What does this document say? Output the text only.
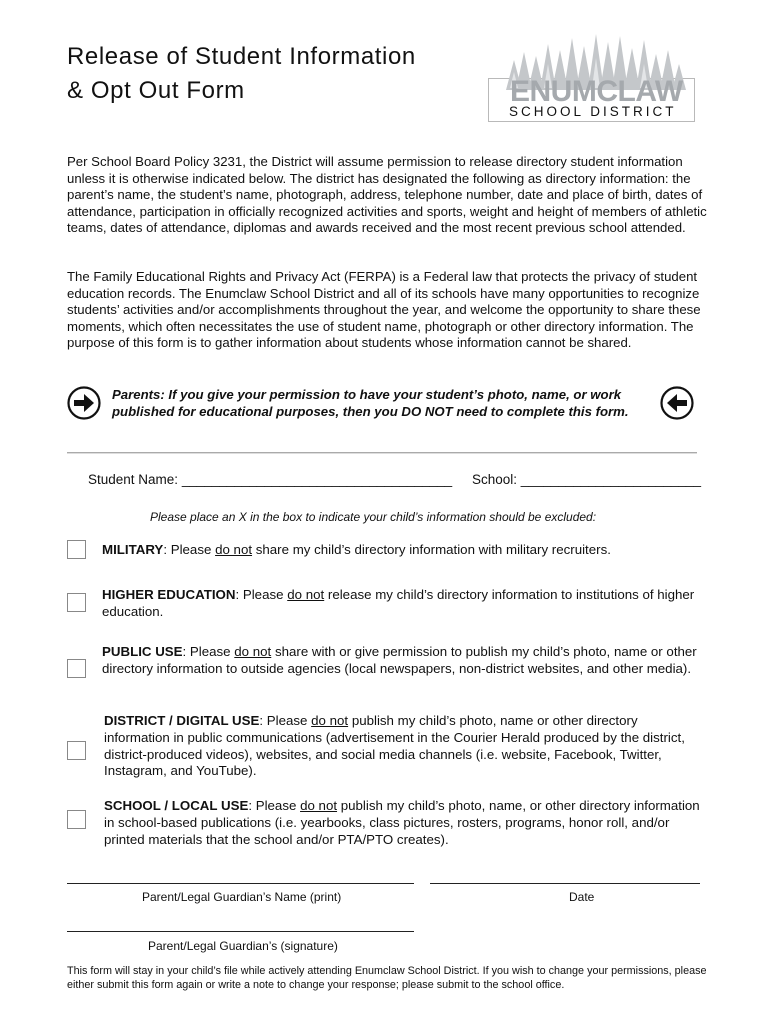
Release of Student Information
& Opt Out Form	ENUMCLAW
SCHOOL DISTRICT
Per School Board Policy 3231, the District will assume permission to release directory student information unless it is otherwise indicated below. The district has designated the following as directory information: the parent’s name, the student’s name, photograph, address, telephone number, date and place of birth, dates of attendance, participation in officially recognized activities and sports, weight and height of members of athletic teams, dates of attendance, diplomas and awards received and the most recent previous school attended.
The Family Educational Rights and Privacy Act (FERPA) is a Federal law that protects the privacy of student education records. The Enumclaw School District and all of its schools have many opportunities to recognize students’ activities and/or accomplishments throughout the year, and welcome the opportunity to share these moments, which often necessitates the use of student name, photograph or other directory information. The purpose of this form is to gather information about students whose information cannot be shared.
Parents: If you give your permission to have your student’s photo, name, or work published for educational purposes, then you DO NOT need to complete this form.
Student Name: ____________________________________ School: ________________________
Please place an X in the box to indicate your child’s information should be excluded:
MILITARY: Please do not share my child’s directory information with military recruiters.
HIGHER EDUCATION: Please do not release my child’s directory information to institutions of higher education.
PUBLIC USE: Please do not share with or give permission to publish my child’s photo, name or other directory information to outside agencies (local newspapers, non-district websites, and other media).
DISTRICT / DIGITAL USE: Please do not publish my child’s photo, name or other directory information in public communications (advertisement in the Courier Herald produced by the district, district-produced videos), websites, and social media channels (i.e. website, Facebook, Twitter, Instagram, and YouTube).
SCHOOL / LOCAL USE: Please do not publish my child’s photo, name, or other directory information in school-based publications (i.e. yearbooks, class pictures, rosters, programs, honor roll, and/or printed materials that the school and/or PTA/PTO creates).
Parent/Legal Guardian’s Name (print)	Date
Parent/Legal Guardian’s (signature)
This form will stay in your child’s file while actively attending Enumclaw School District. If you wish to change your permissions, please either submit this form again or write a note to change your response; please submit to the school office.
